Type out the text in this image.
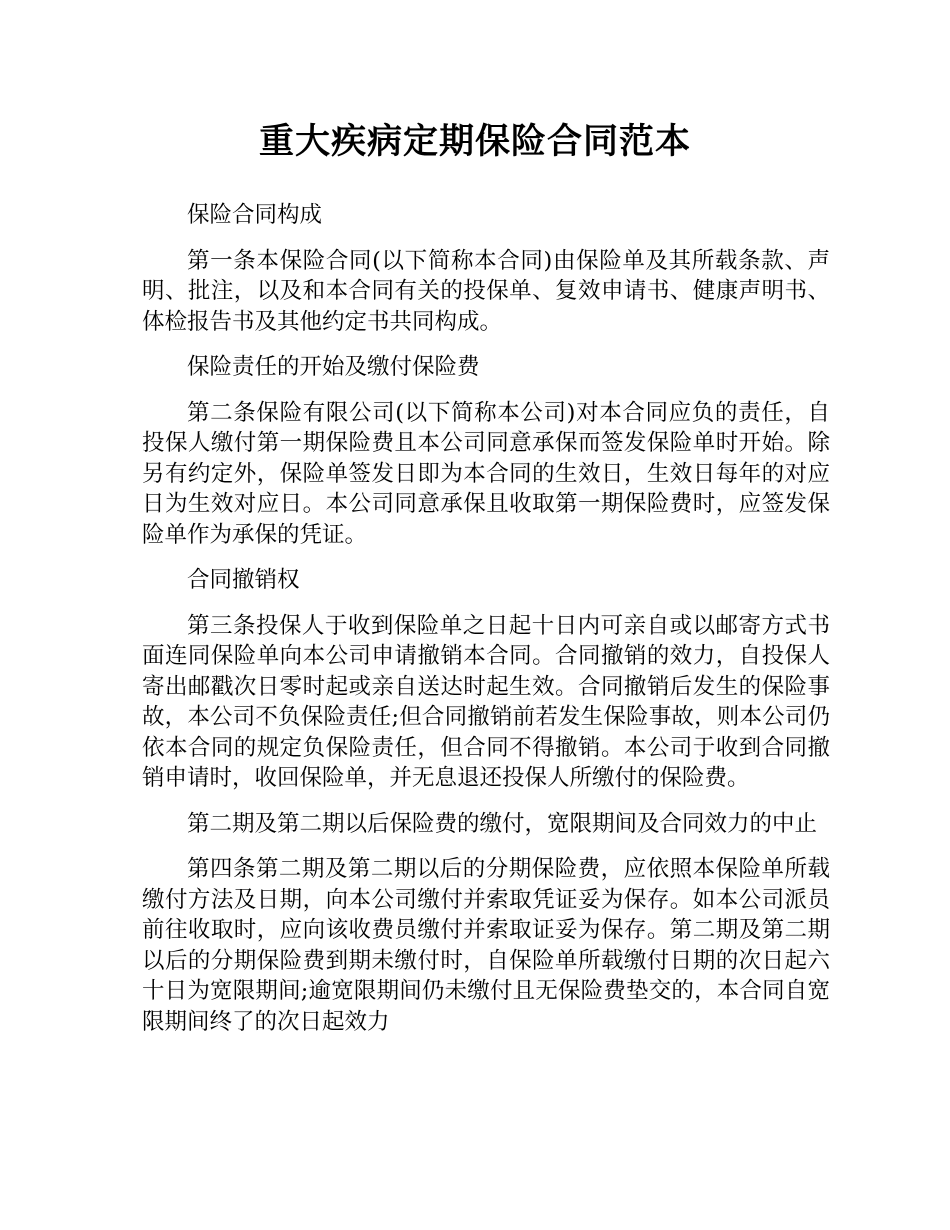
重大疾病定期保险合同范本

保险合同构成

第一条本保险合同(以下简称本合同)由保险单及其所载条款、声明、批注，以及和本合同有关的投保单、复效申请书、健康声明书、体检报告书及其他约定书共同构成。

保险责任的开始及缴付保险费

第二条保险有限公司(以下简称本公司)对本合同应负的责任，自投保人缴付第一期保险费且本公司同意承保而签发保险单时开始。除另有约定外，保险单签发日即为本合同的生效日，生效日每年的对应日为生效对应日。本公司同意承保且收取第一期保险费时，应签发保险单作为承保的凭证。

合同撤销权

第三条投保人于收到保险单之日起十日内可亲自或以邮寄方式书面连同保险单向本公司申请撤销本合同。合同撤销的效力，自投保人寄出邮戳次日零时起或亲自送达时起生效。合同撤销后发生的保险事故，本公司不负保险责任;但合同撤销前若发生保险事故，则本公司仍依本合同的规定负保险责任，但合同不得撤销。本公司于收到合同撤销申请时，收回保险单，并无息退还投保人所缴付的保险费。

第二期及第二期以后保险费的缴付，宽限期间及合同效力的中止

第四条第二期及第二期以后的分期保险费，应依照本保险单所载缴付方法及日期，向本公司缴付并索取凭证妥为保存。如本公司派员前往收取时，应向该收费员缴付并索取证妥为保存。第二期及第二期以后的分期保险费到期未缴付时，自保险单所载缴付日期的次日起六十日为宽限期间;逾宽限期间仍未缴付且无保险费垫交的，本合同自宽限期间终了的次日起效力
